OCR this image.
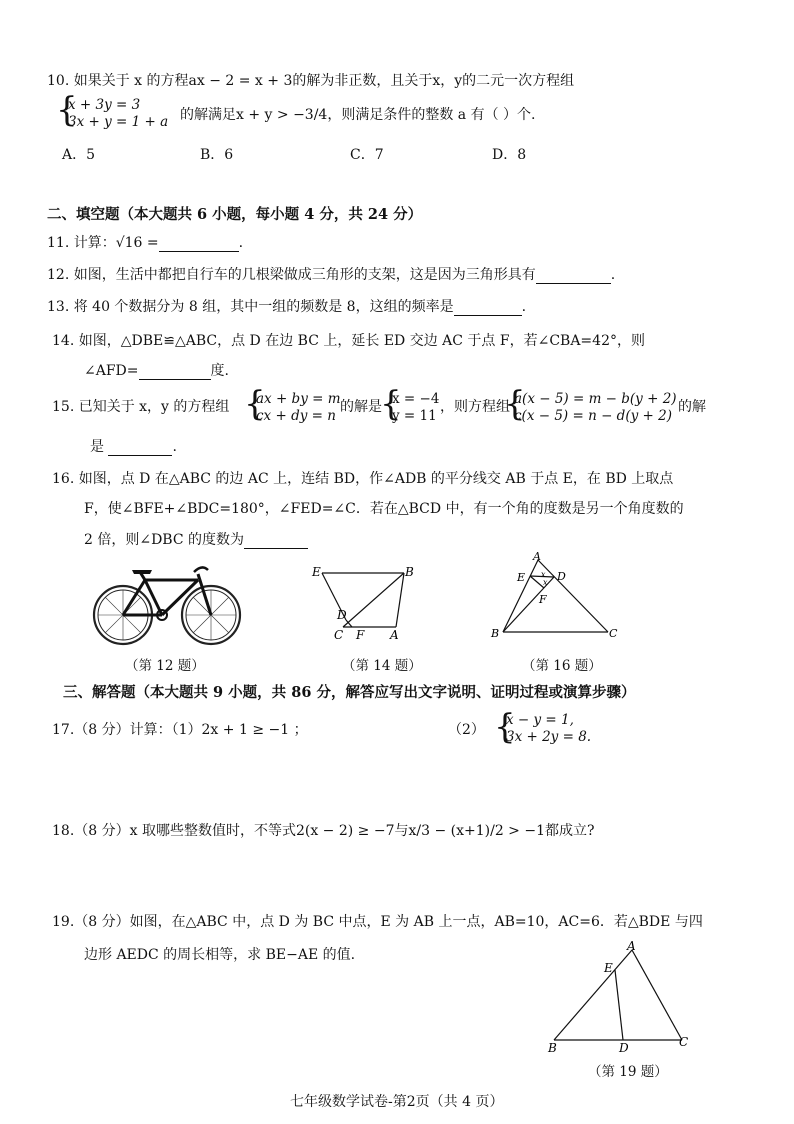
10. 如果关于 x 的方程ax − 2 = x + 3的解为非正数，且关于x，y的二元一次方程组
{
x + 3y = 3
3x + y = 1 + a 的解满足x + y > −3/4，则满足条件的整数 a 有（ ）个.
A．5	B．6	C．7	D．8
二、填空题（本大题共 6 小题，每小题 4 分，共 24 分）
11. 计算：√16 =	.
12. 如图，生活中都把自行车的几根梁做成三角形的支架，这是因为三角形具有	.
13. 将 40 个数据分为 8 组，其中一组的频数是 8，这组的频率是	.
14. 如图，△DBE≌△ABC，点 D 在边 BC 上，延长 ED 交边 AC 于点 F，若∠CBA=42°，则
∠AFD=	度.
15. 已知关于 x，y 的方程组 {
ax + by = m
cx + dy = n
的解是
{
x = −4
y = 11
，则方程组
{
a(x − 5) = m − b(y + 2)
c(x − 5) = n − d(y + 2)
的解
是	.
16. 如图，点 D 在△ABC 的边 AC 上，连结 BD，作∠ADB 的平分线交 AB 于点 E，在 BD 上取点
F，使∠BFE+∠BDC=180°，∠FED=∠C．若在△BCD 中，有一个角的度数是另一个角度数的
2 倍，则∠DBC 的度数为
（第 12 题）
E	B
D
C F A
（第 14 题）
A
E	D
F
B	C
x
x
（第 16 题）
三、解答题（本大题共 9 小题，共 86 分，解答应写出文字说明、证明过程或演算步骤）
17.（8 分）计算：（1）2x + 1 ≥ −1 ；	（2） {
x − y = 1,
3x + 2y = 8.
18.（8 分）x 取哪些整数值时，不等式2(x − 2) ≥ −7与x/3 − (x+1)/2 > −1都成立?
19.（8 分）如图，在△ABC 中，点 D 为 BC 中点，E 为 AB 上一点，AB=10，AC=6．若△BDE 与四
边形 AEDC 的周长相等，求 BE−AE 的值.
A
E
B	D	C
（第 19 题）
七年级数学试卷-第2页（共 4 页）
